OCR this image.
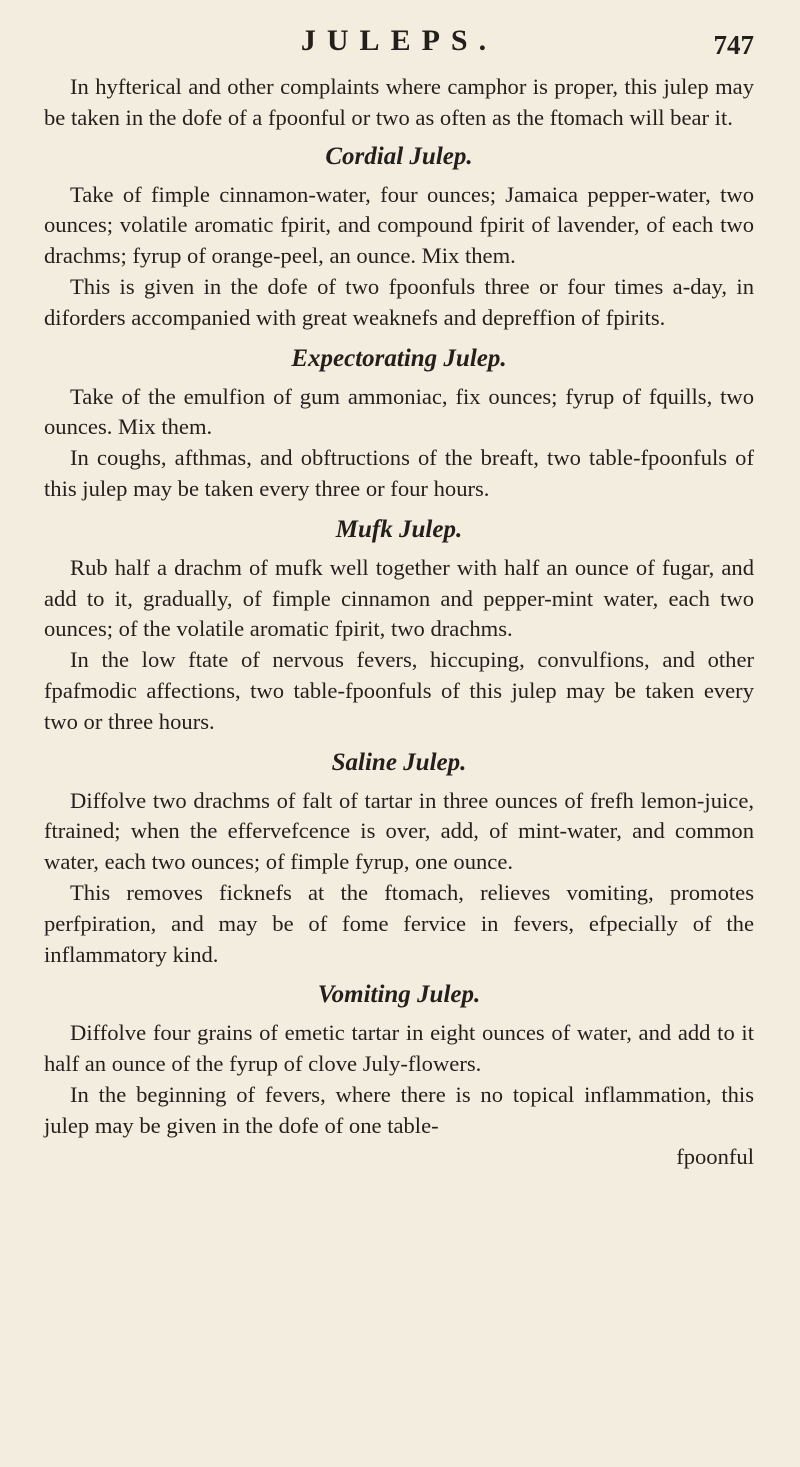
JULEPS.	747

In hyfterical and other complaints where camphor is proper, this julep may be taken in the dofe of a fpoonful or two as often as the ftomach will bear it.

Cordial Julep.

Take of fimple cinnamon-water, four ounces; Jamaica pepper-water, two ounces; volatile aromatic fpirit, and compound fpirit of lavender, of each two drachms; fyrup of orange-peel, an ounce. Mix them.

This is given in the dofe of two fpoonfuls three or four times a-day, in diforders accompanied with great weaknefs and depreffion of fpirits.

Expectorating Julep.

Take of the emulfion of gum ammoniac, fix ounces; fyrup of fquills, two ounces. Mix them.

In coughs, afthmas, and obftructions of the breaft, two table-fpoonfuls of this julep may be taken every three or four hours.

Mufk Julep.

Rub half a drachm of mufk well together with half an ounce of fugar, and add to it, gradually, of fimple cinnamon and pepper-mint water, each two ounces; of the volatile aromatic fpirit, two drachms.

In the low ftate of nervous fevers, hiccuping, convulfions, and other fpafmodic affections, two table-fpoonfuls of this julep may be taken every two or three hours.

Saline Julep.

Diffolve two drachms of falt of tartar in three ounces of frefh lemon-juice, ftrained; when the effervefcence is over, add, of mint-water, and common water, each two ounces; of fimple fyrup, one ounce.

This removes ficknefs at the ftomach, relieves vomiting, promotes perfpiration, and may be of fome fervice in fevers, efpecially of the inflammatory kind.

Vomiting Julep.

Diffolve four grains of emetic tartar in eight ounces of water, and add to it half an ounce of the fyrup of clove July-flowers.

In the beginning of fevers, where there is no topical inflammation, this julep may be given in the dofe of one table-

fpoonful
